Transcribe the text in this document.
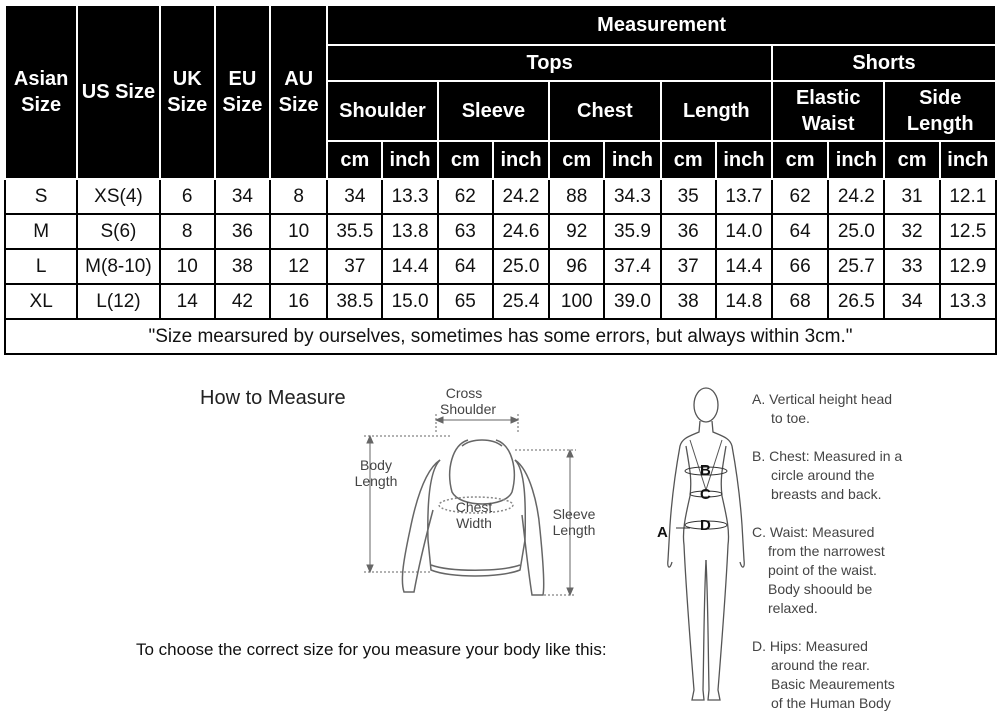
Asian Size	US Size	UK Size	EU Size	AU Size	Measurement											
					Tops								Shorts			
					Shoulder		Sleeve		Chest		Length		Elastic Waist		Side Length	
					cm	inch	cm	inch	cm	inch	cm	inch	cm	inch	cm	inch
S	XS(4)	6	34	8	34	13.3	62	24.2	88	34.3	35	13.7	62	24.2	31	12.1
M	S(6)	8	36	10	35.5	13.8	63	24.6	92	35.9	36	14.0	64	25.0	32	12.5
L	M(8-10)	10	38	12	37	14.4	64	25.0	96	37.4	37	14.4	66	25.7	33	12.9
XL	L(12)	14	42	16	38.5	15.0	65	25.4	100	39.0	38	14.8	68	26.5	34	13.3
"Size mearsured by ourselves, sometimes has some errors, but always within 3cm."																
How to Measure	Cross Shoulder
Body Length
Chest Width
Sleeve Length	A
B
C
D
A. Vertical height head
to toe.
B. Chest: Measured in a
circle around the
breasts and back.
C. Waist: Measured
from the narrowest
point of the waist.
Body shoould be
relaxed.
D. Hips: Measured
around the rear.
Basic Meaurements
of the Human Body
To choose the correct size for you measure your body like this:
